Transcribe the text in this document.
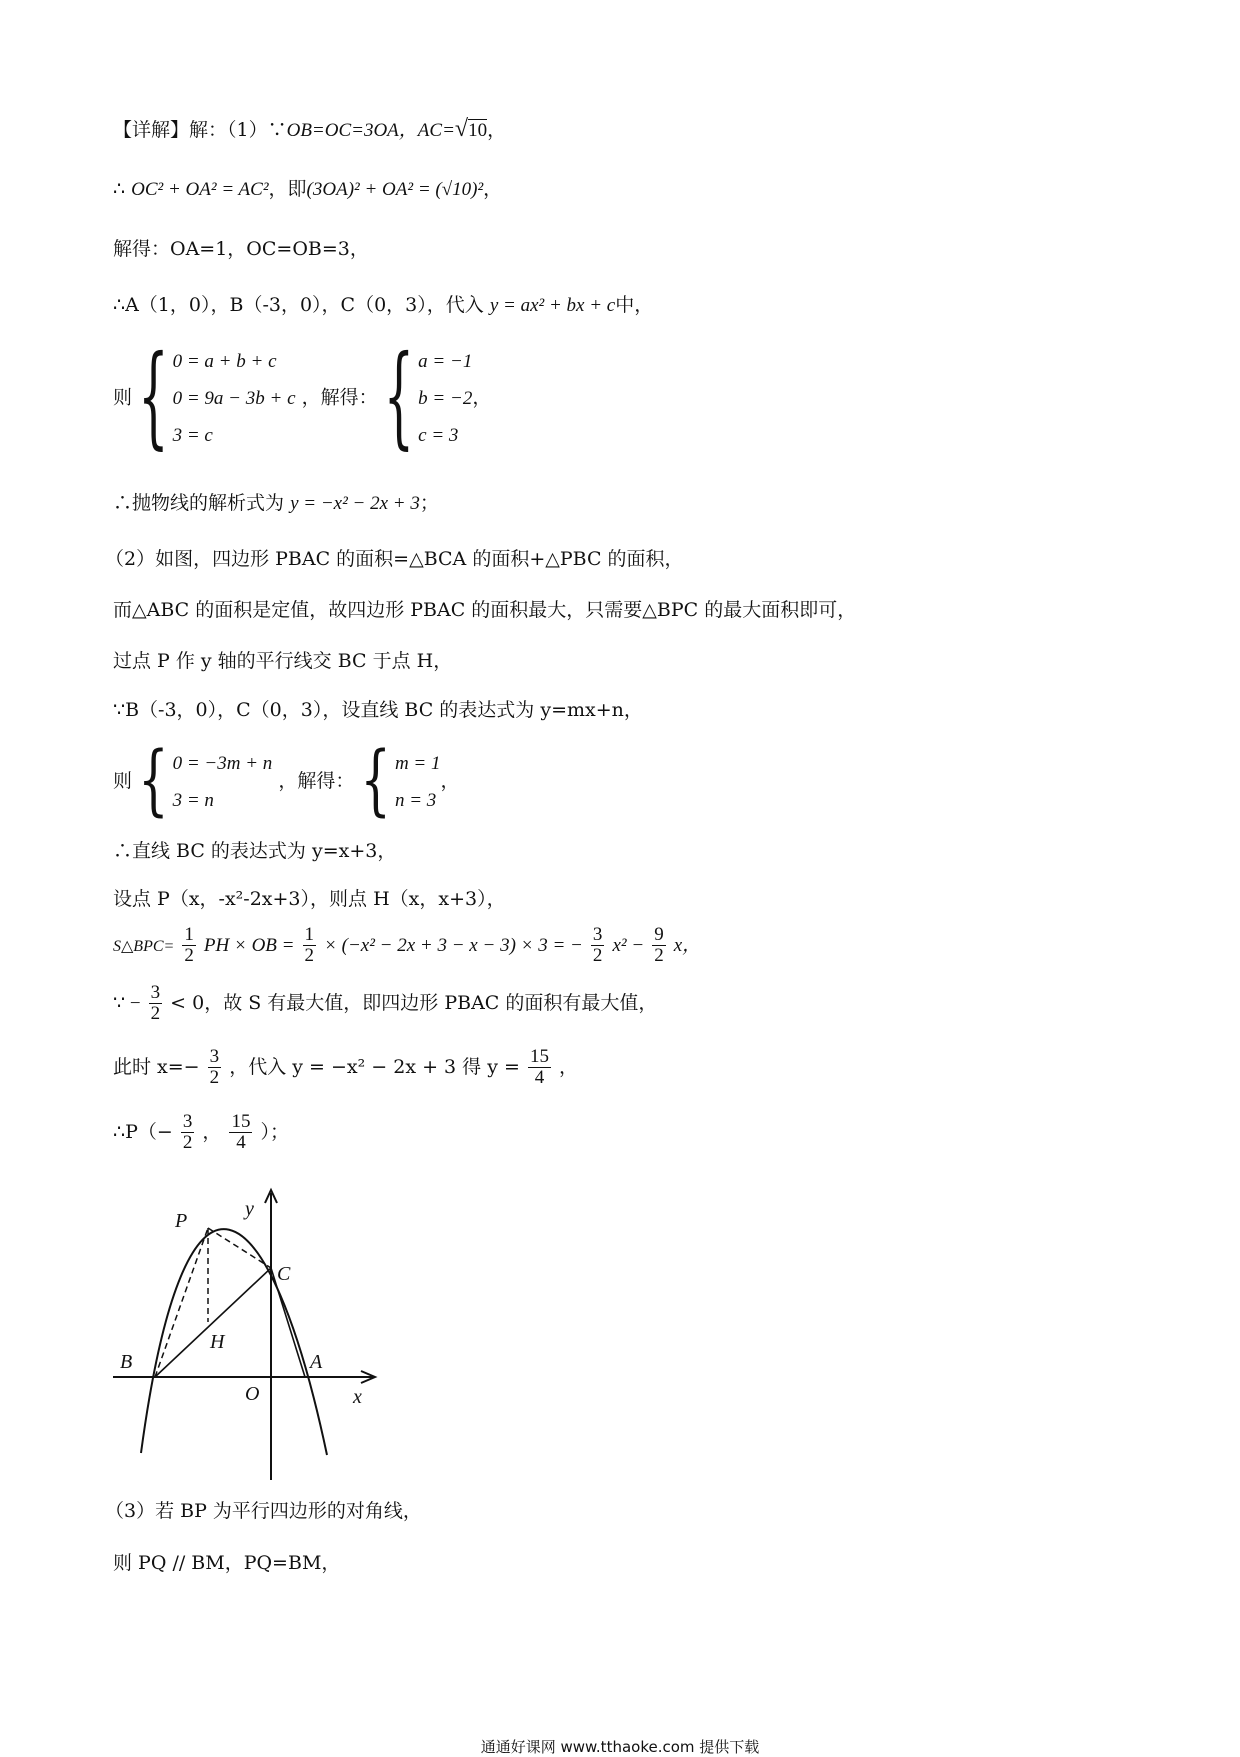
【详解】解：（1）∵OB=OC=3OA，AC=√10，
∴ OC² + OA² = AC²，即(3OA)² + OA² = (√10)²，
解得：OA=1，OC=OB=3，
∴A（1，0），B（-3，0），C（0，3），代入 y = ax² + bx + c中，
则 { 0 = a + b + c
0 = 9a − 3b + c
3 = c
，解得： { a = −1
b = −2
c = 3
，
∴抛物线的解析式为 y = −x² − 2x + 3；
（2）如图，四边形 PBAC 的面积=△BCA 的面积+△PBC 的面积，
而△ABC 的面积是定值，故四边形 PBAC 的面积最大，只需要△BPC 的最大面积即可，
过点 P 作 y 轴的平行线交 BC 于点 H，
∵B（-3，0），C（0，3），设直线 BC 的表达式为 y=mx+n，
则 { 0 = −3m + n
3 = n
，解得： { m = 1
n = 3
，
∴直线 BC 的表达式为 y=x+3，
设点 P（x，-x²-2x+3），则点 H（x，x+3），
S△BPC= $\frac{1}{2}$ PH × OB = $\frac{1}{2} \times (-x^2 - 2x + 3 - x - 3) \times 3$ = − $\frac{3}{2} x^2 - \frac{9}{2}$ x，
∵ − $\frac{3}{2} < 0$，故 S 有最大值，即四边形 PBAC 的面积有最大值，
此时 $x=- \frac{3}{2}$ ，代入 y = −x² − 2x + 3 得 $y = \frac{15}{4}$ ，
∴P（− $\frac{3}{2}$ ， $\frac{15}{4}$ ）；
P
y
C
H
B	A
O	x
（3）若 BP 为平行四边形的对角线，
则 PQ // BM，PQ=BM，
通通好课网 www.tthaoke.com 提供下载
